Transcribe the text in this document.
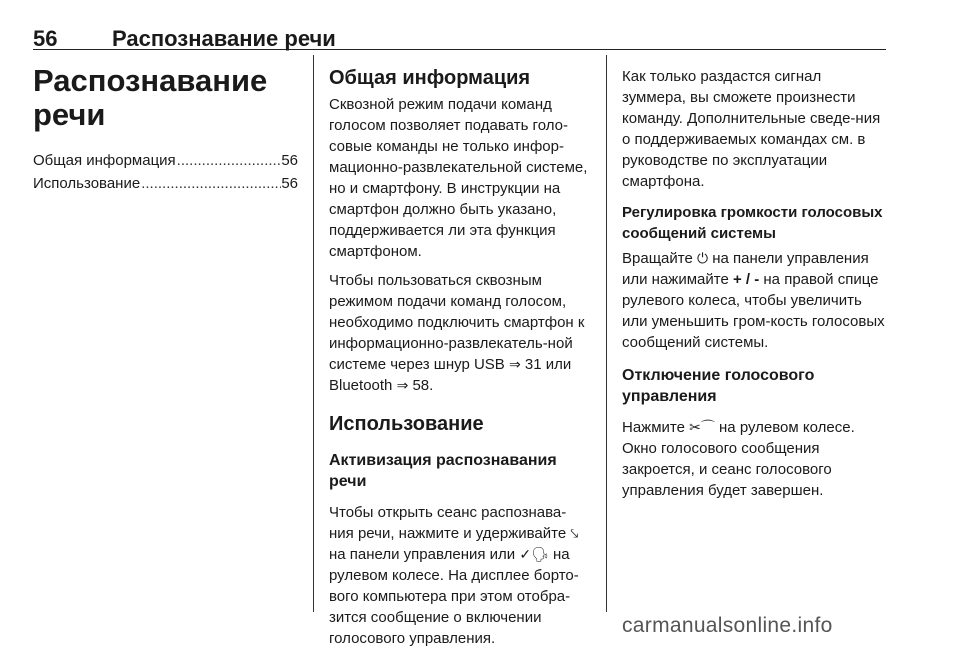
56 Распознавание речи
Распознавание
речи
Общая информация .....	56
Использование .....	56
Общая информация
Сквозной режим подачи команд голосом позволяет подавать голо-совые команды не только инфор-мационно-развлекательной системе, но и смартфону. В инструкции на смартфон должно быть указано, поддерживается ли эта функция смартфоном.
Чтобы пользоваться сквозным режимом подачи команд голосом, необходимо подключить смартфон к информационно-развлекатель-ной системе через шнур USB ⇒ 31 или Bluetooth ⇒ 58.
Использование
Активизация распознавания речи
Чтобы открыть сеанс распознава-ния речи, нажмите и удерживайте ⤥ на панели управления или ✓🗣 на рулевом колесе. На дисплее борто-вого компьютера при этом отобра-зится сообщение о включении голосового управления.
Как только раздастся сигнал зуммера, вы сможете произнести команду. Дополнительные сведе-ния о поддерживаемых командах см. в руководстве по эксплуатации смартфона.
Регулировка громкости голосовых сообщений системы
Вращайте ⏻ на панели управления или нажимайте + / - на правой спице рулевого колеса, чтобы увеличить или уменьшить гром-кость голосовых сообщений системы.
Отключение голосового управления
Нажмите ✂⌒ на рулевом колесе. Окно голосового сообщения закроется, и сеанс голосового управления будет завершен.
carmanualsonline.info
